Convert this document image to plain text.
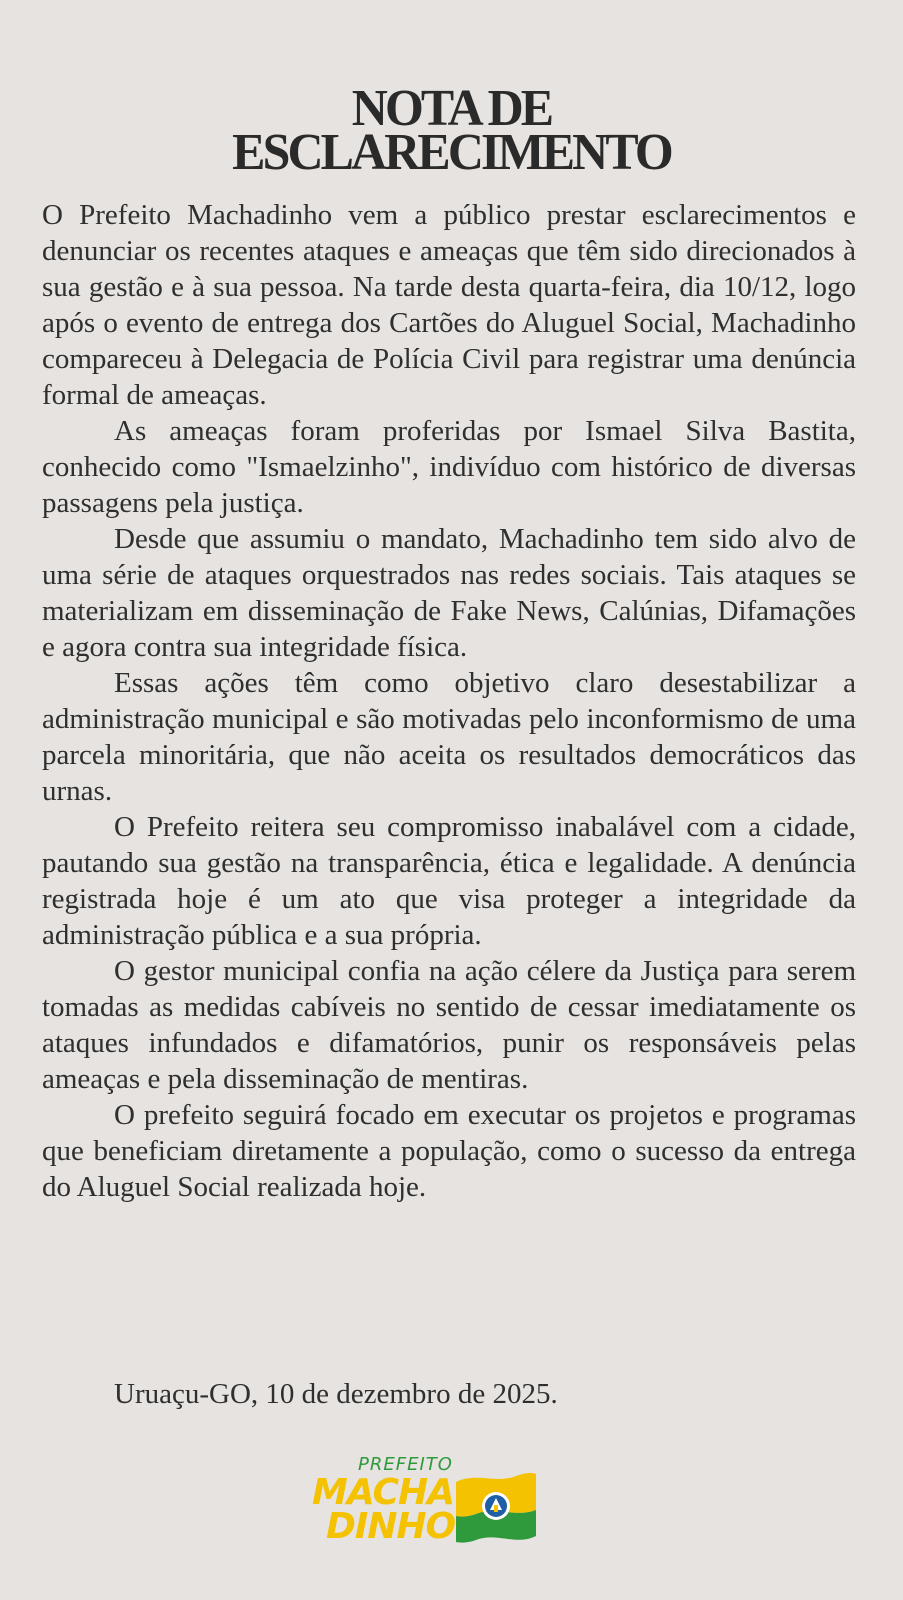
NOTA DE
ESCLARECIMENTO

O Prefeito Machadinho vem a público prestar esclarecimentos e denunciar os recentes ataques e ameaças que têm sido direcionados à sua gestão e à sua pessoa. Na tarde desta quarta-feira, dia 10/12, logo após o evento de entrega dos Cartões do Aluguel Social, Machadinho compareceu à Delegacia de Polícia Civil para registrar uma denúncia formal de ameaças.

As ameaças foram proferidas por Ismael Silva Bastita, conhecido como "Ismaelzinho", indivíduo com histórico de diversas passagens pela justiça.

Desde que assumiu o mandato, Machadinho tem sido alvo de uma série de ataques orquestrados nas redes sociais. Tais ataques se materializam em disseminação de Fake News, Calúnias, Difamações e agora contra sua integridade física.

Essas ações têm como objetivo claro desestabilizar a administração municipal e são motivadas pelo inconformismo de uma parcela minoritária, que não aceita os resultados democráticos das urnas.

O Prefeito reitera seu compromisso inabalável com a cidade, pautando sua gestão na transparência, ética e legalidade. A denúncia registrada hoje é um ato que visa proteger a integridade da administração pública e a sua própria.

O gestor municipal confia na ação célere da Justiça para serem tomadas as medidas cabíveis no sentido de cessar imediatamente os ataques infundados e difamatórios, punir os responsáveis pelas ameaças e pela disseminação de mentiras.

O prefeito seguirá focado em executar os projetos e programas que beneficiam diretamente a população, como o sucesso da entrega do Aluguel Social realizada hoje.

Uruaçu-GO, 10 de dezembro de 2025.
PREFEITO
MACHA
DINHO
